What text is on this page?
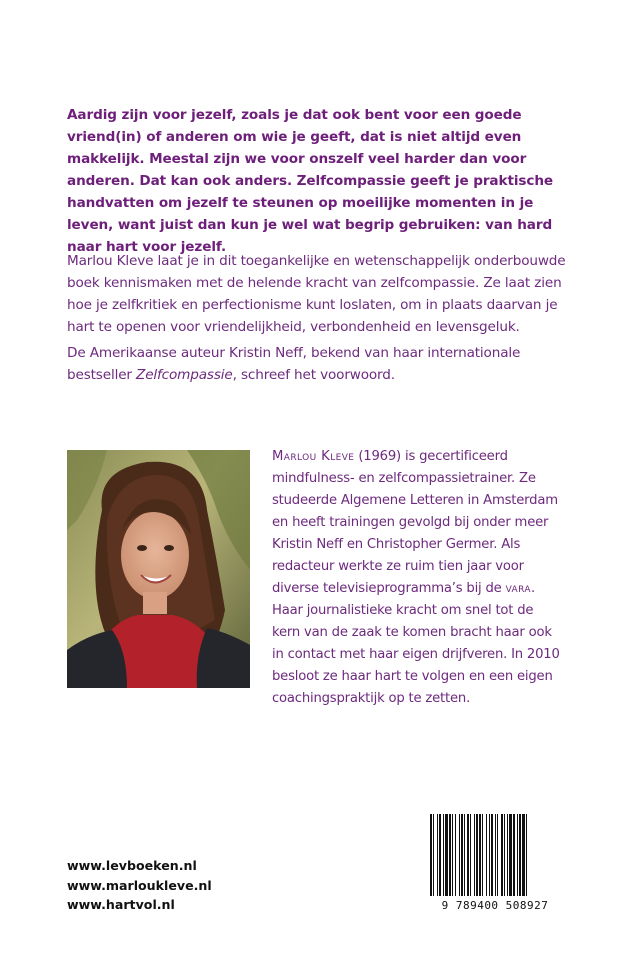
Aardig zijn voor jezelf, zoals je dat ook bent voor een goede vriend(in) of anderen om wie je geeft, dat is niet altijd even makkelijk. Meestal zijn we voor onszelf veel harder dan voor anderen. Dat kan ook anders. Zelfcompassie geeft je praktische handvatten om jezelf te steunen op moeilijke momenten in je leven, want juist dan kun je wel wat begrip gebruiken: van hard naar hart voor jezelf.
Marlou Kleve laat je in dit toegankelijke en wetenschappelijk onderbouwde boek kennismaken met de helende kracht van zelfcompassie. Ze laat zien hoe je zelfkritiek en perfectionisme kunt loslaten, om in plaats daarvan je hart te openen voor vriendelijkheid, verbondenheid en levensgeluk.
De Amerikaanse auteur Kristin Neff, bekend van haar internationale bestseller Zelfcompassie, schreef het voorwoord.
Marlou Kleve (1969) is gecertificeerd mindfulness- en zelfcompassietrainer. Ze studeerde Algemene Letteren in Amsterdam en heeft trainingen gevolgd bij onder meer Kristin Neff en Christopher Germer. Als redacteur werkte ze ruim tien jaar voor diverse televisieprogramma’s bij de vara. Haar journalistieke kracht om snel tot de kern van de zaak te komen bracht haar ook in contact met haar eigen drijfveren. In 2010 besloot ze haar hart te volgen en een eigen coachingspraktijk op te zetten.
www.levboeken.nl
www.marloukleve.nl
www.hartvol.nl	9 789400 508927
